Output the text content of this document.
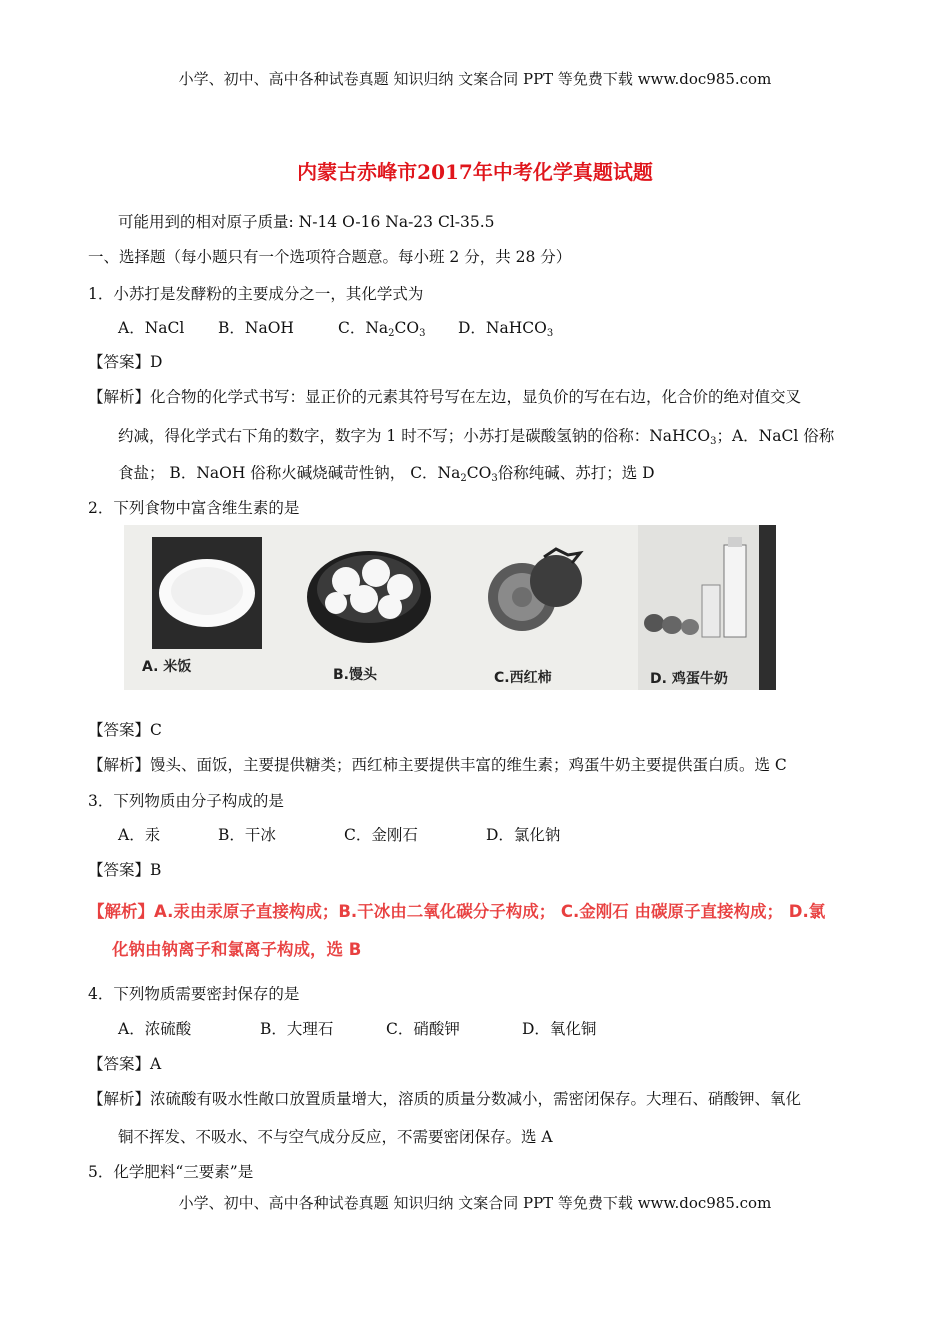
小学、初中、高中各种试卷真题 知识归纳 文案合同 PPT 等免费下载 www.doc985.com
内蒙古赤峰市2017年中考化学真题试题
可能用到的相对原子质量: N-14 O-16 Na-23 Cl-35.5
一、选择题（每小题只有一个选项符合题意。每小班 2 分，共 28 分）
1．小苏打是发酵粉的主要成分之一，其化学式为
A．NaCl B．NaOH	C．$Na_2CO_3$ D．NaHCO$_3$
【答案】D
【解析】化合物的化学式书写：显正价的元素其符号写在左边，显负价的写在右边，化合价的绝对值交叉
约减，得化学式右下角的数字，数字为 1 时不写；小苏打是碳酸氢钠的俗称：NaHCO$_3$；A．NaCl 俗称
食盐； B．NaOH 俗称火碱烧碱苛性钠， C．$Na_2CO_3$俗称纯碱、苏打；选 D
2．下列食物中富含维生素的是
A. 米饭	B.馒头	C.西红柿	D. 鸡蛋牛奶
【答案】C
【解析】馒头、面饭，主要提供糖类；西红柿主要提供丰富的维生素；鸡蛋牛奶主要提供蛋白质。选 C
3．下列物质由分子构成的是
A．汞	B．干冰	C．金刚石	D．氯化钠
【答案】B
【解析】A.汞由汞原子直接构成；B.干冰由二氧化碳分子构成； C.金刚石 由碳原子直接构成； D.氯
化钠由钠离子和氯离子构成，选 B
4．下列物质需要密封保存的是
A．浓硫酸	B．大理石	C．硝酸钾	D．氧化铜
【答案】A
【解析】浓硫酸有吸水性敞口放置质量增大，溶质的质量分数减小，需密闭保存。大理石、硝酸钾、氧化
铜不挥发、不吸水、不与空气成分反应，不需要密闭保存。选 A
5．化学肥料“三要素”是
小学、初中、高中各种试卷真题 知识归纳 文案合同 PPT 等免费下载 www.doc985.com
